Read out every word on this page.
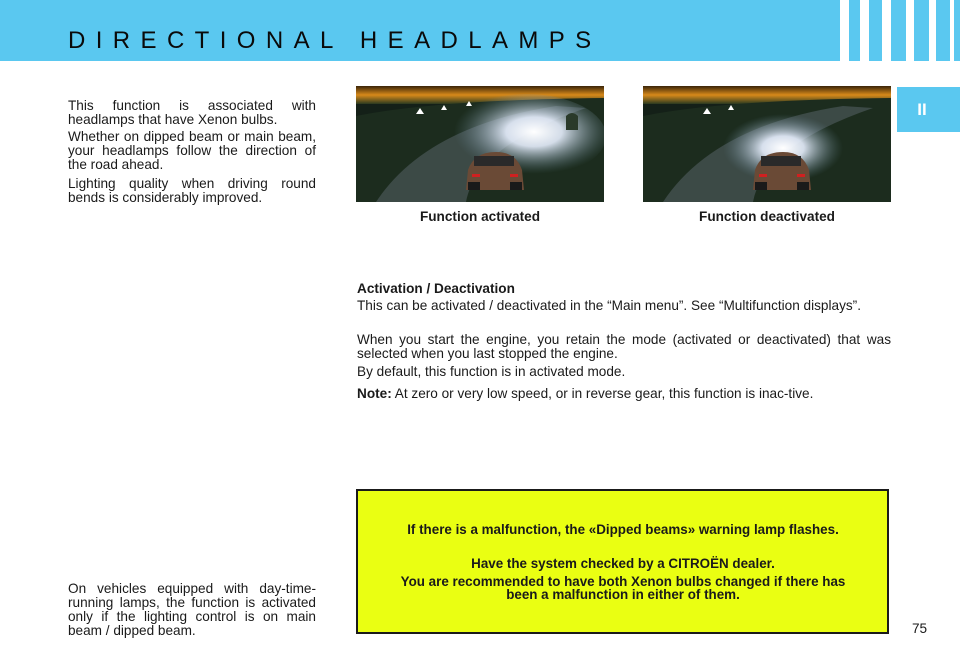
DIRECTIONAL HEADLAMPS
II

This function is associated with headlamps that have Xenon bulbs.

Whether on dipped beam or main beam, your headlamps follow the direction of the road ahead.

Lighting quality when driving round bends is considerably improved.

On vehicles equipped with day-time-running lamps, the function is activated only if the lighting control is on main beam / dipped beam.

Function activated	Function deactivated

Activation / Deactivation

This can be activated / deactivated in the “Main menu”. See “Multifunction displays”.

When you start the engine, you retain the mode (activated or deactivated) that was selected when you last stopped the engine.

By default, this function is in activated mode.

Note: At zero or very low speed, or in reverse gear, this function is inac-tive.

If there is a malfunction, the «Dipped beams» warning lamp flashes.

Have the system checked by a CITROËN dealer.

You are recommended to have both Xenon bulbs changed if there has been a malfunction in either of them.

75
